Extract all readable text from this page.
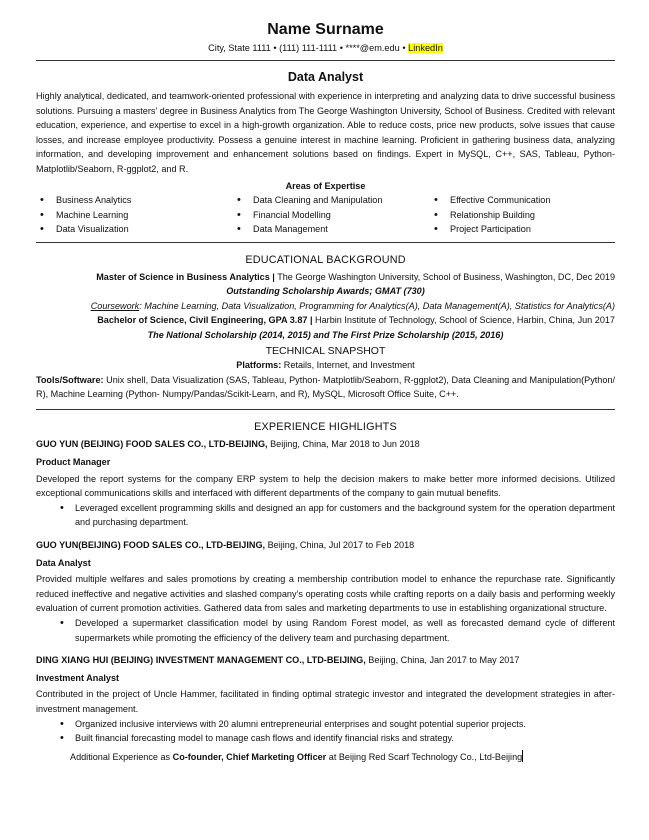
Name Surname
City, State 1111 • (111) 111-1111 • ****@em.edu • LinkedIn
Data Analyst
Highly analytical, dedicated, and teamwork-oriented professional with experience in interpreting and analyzing data to drive successful business solutions. Pursuing a masters’ degree in Business Analytics from The George Washington University, School of Business. Credited with relevant education, experience, and expertise to excel in a high-growth organization. Able to reduce costs, price new products, solve issues that cause losses, and increase employee productivity. Possess a genuine interest in machine learning. Proficient in gathering business data, analyzing information, and developing improvement and enhancement solutions based on findings. Expert in MySQL, C++, SAS, Tableau, Python-Matplotlib/Seaborn, R-ggplot2, and R.
Areas of Expertise
• Business Analytics	• Data Cleaning and Manipulation	• Effective Communication
• Machine Learning	• Financial Modelling	• Relationship Building
• Data Visualization	• Data Management	• Project Participation
EDUCATIONAL BACKGROUND
Master of Science in Business Analytics | The George Washington University, School of Business, Washington, DC, Dec 2019
Outstanding Scholarship Awards; GMAT (730)
Coursework: Machine Learning, Data Visualization, Programming for Analytics(A), Data Management(A), Statistics for Analytics(A)
Bachelor of Science, Civil Engineering, GPA 3.87 | Harbin Institute of Technology, School of Science, Harbin, China, Jun 2017
The National Scholarship (2014, 2015) and The First Prize Scholarship (2015, 2016)
TECHNICAL SNAPSHOT
Platforms: Retails, Internet, and Investment
Tools/Software: Unix shell, Data Visualization (SAS, Tableau, Python- Matplotlib/Seaborn, R-ggplot2), Data Cleaning and Manipulation(Python/ R), Machine Learning (Python- Numpy/Pandas/Scikit-Learn, and R), MySQL, Microsoft Office Suite, C++.
EXPERIENCE HIGHLIGHTS
GUO YUN (BEIJING) FOOD SALES CO., LTD-BEIJING, Beijing, China, Mar 2018 to Jun 2018
Product Manager
Developed the report systems for the company ERP system to help the decision makers to make better more informed decisions. Utilized exceptional communications skills and interfaced with different departments of the company to gain mutual benefits.
• Leveraged excellent programming skills and designed an app for customers and the background system for the operation department and purchasing department.
GUO YUN(BEIJING) FOOD SALES CO., LTD-BEIJING, Beijing, China, Jul 2017 to Feb 2018
Data Analyst
Provided multiple welfares and sales promotions by creating a membership contribution model to enhance the repurchase rate. Significantly reduced ineffective and negative activities and slashed company’s operating costs while crafting reports on a daily basis and performing weekly evaluation of current promotion activities. Gathered data from sales and marketing departments to use in establishing organizational structure.
• Developed a supermarket classification model by using Random Forest model, as well as forecasted demand cycle of different supermarkets while promoting the efficiency of the delivery team and purchasing department.
DING XIANG HUI (BEIJING) INVESTMENT MANAGEMENT CO., LTD-BEIJING, Beijing, China, Jan 2017 to May 2017
Investment Analyst
Contributed in the project of Uncle Hammer, facilitated in finding optimal strategic investor and integrated the development strategies in after-investment management.
• Organized inclusive interviews with 20 alumni entrepreneurial enterprises and sought potential superior projects.
• Built financial forecasting model to manage cash flows and identify financial risks and strategy.
Additional Experience as Co-founder, Chief Marketing Officer at Beijing Red Scarf Technology Co., Ltd-Beijing
